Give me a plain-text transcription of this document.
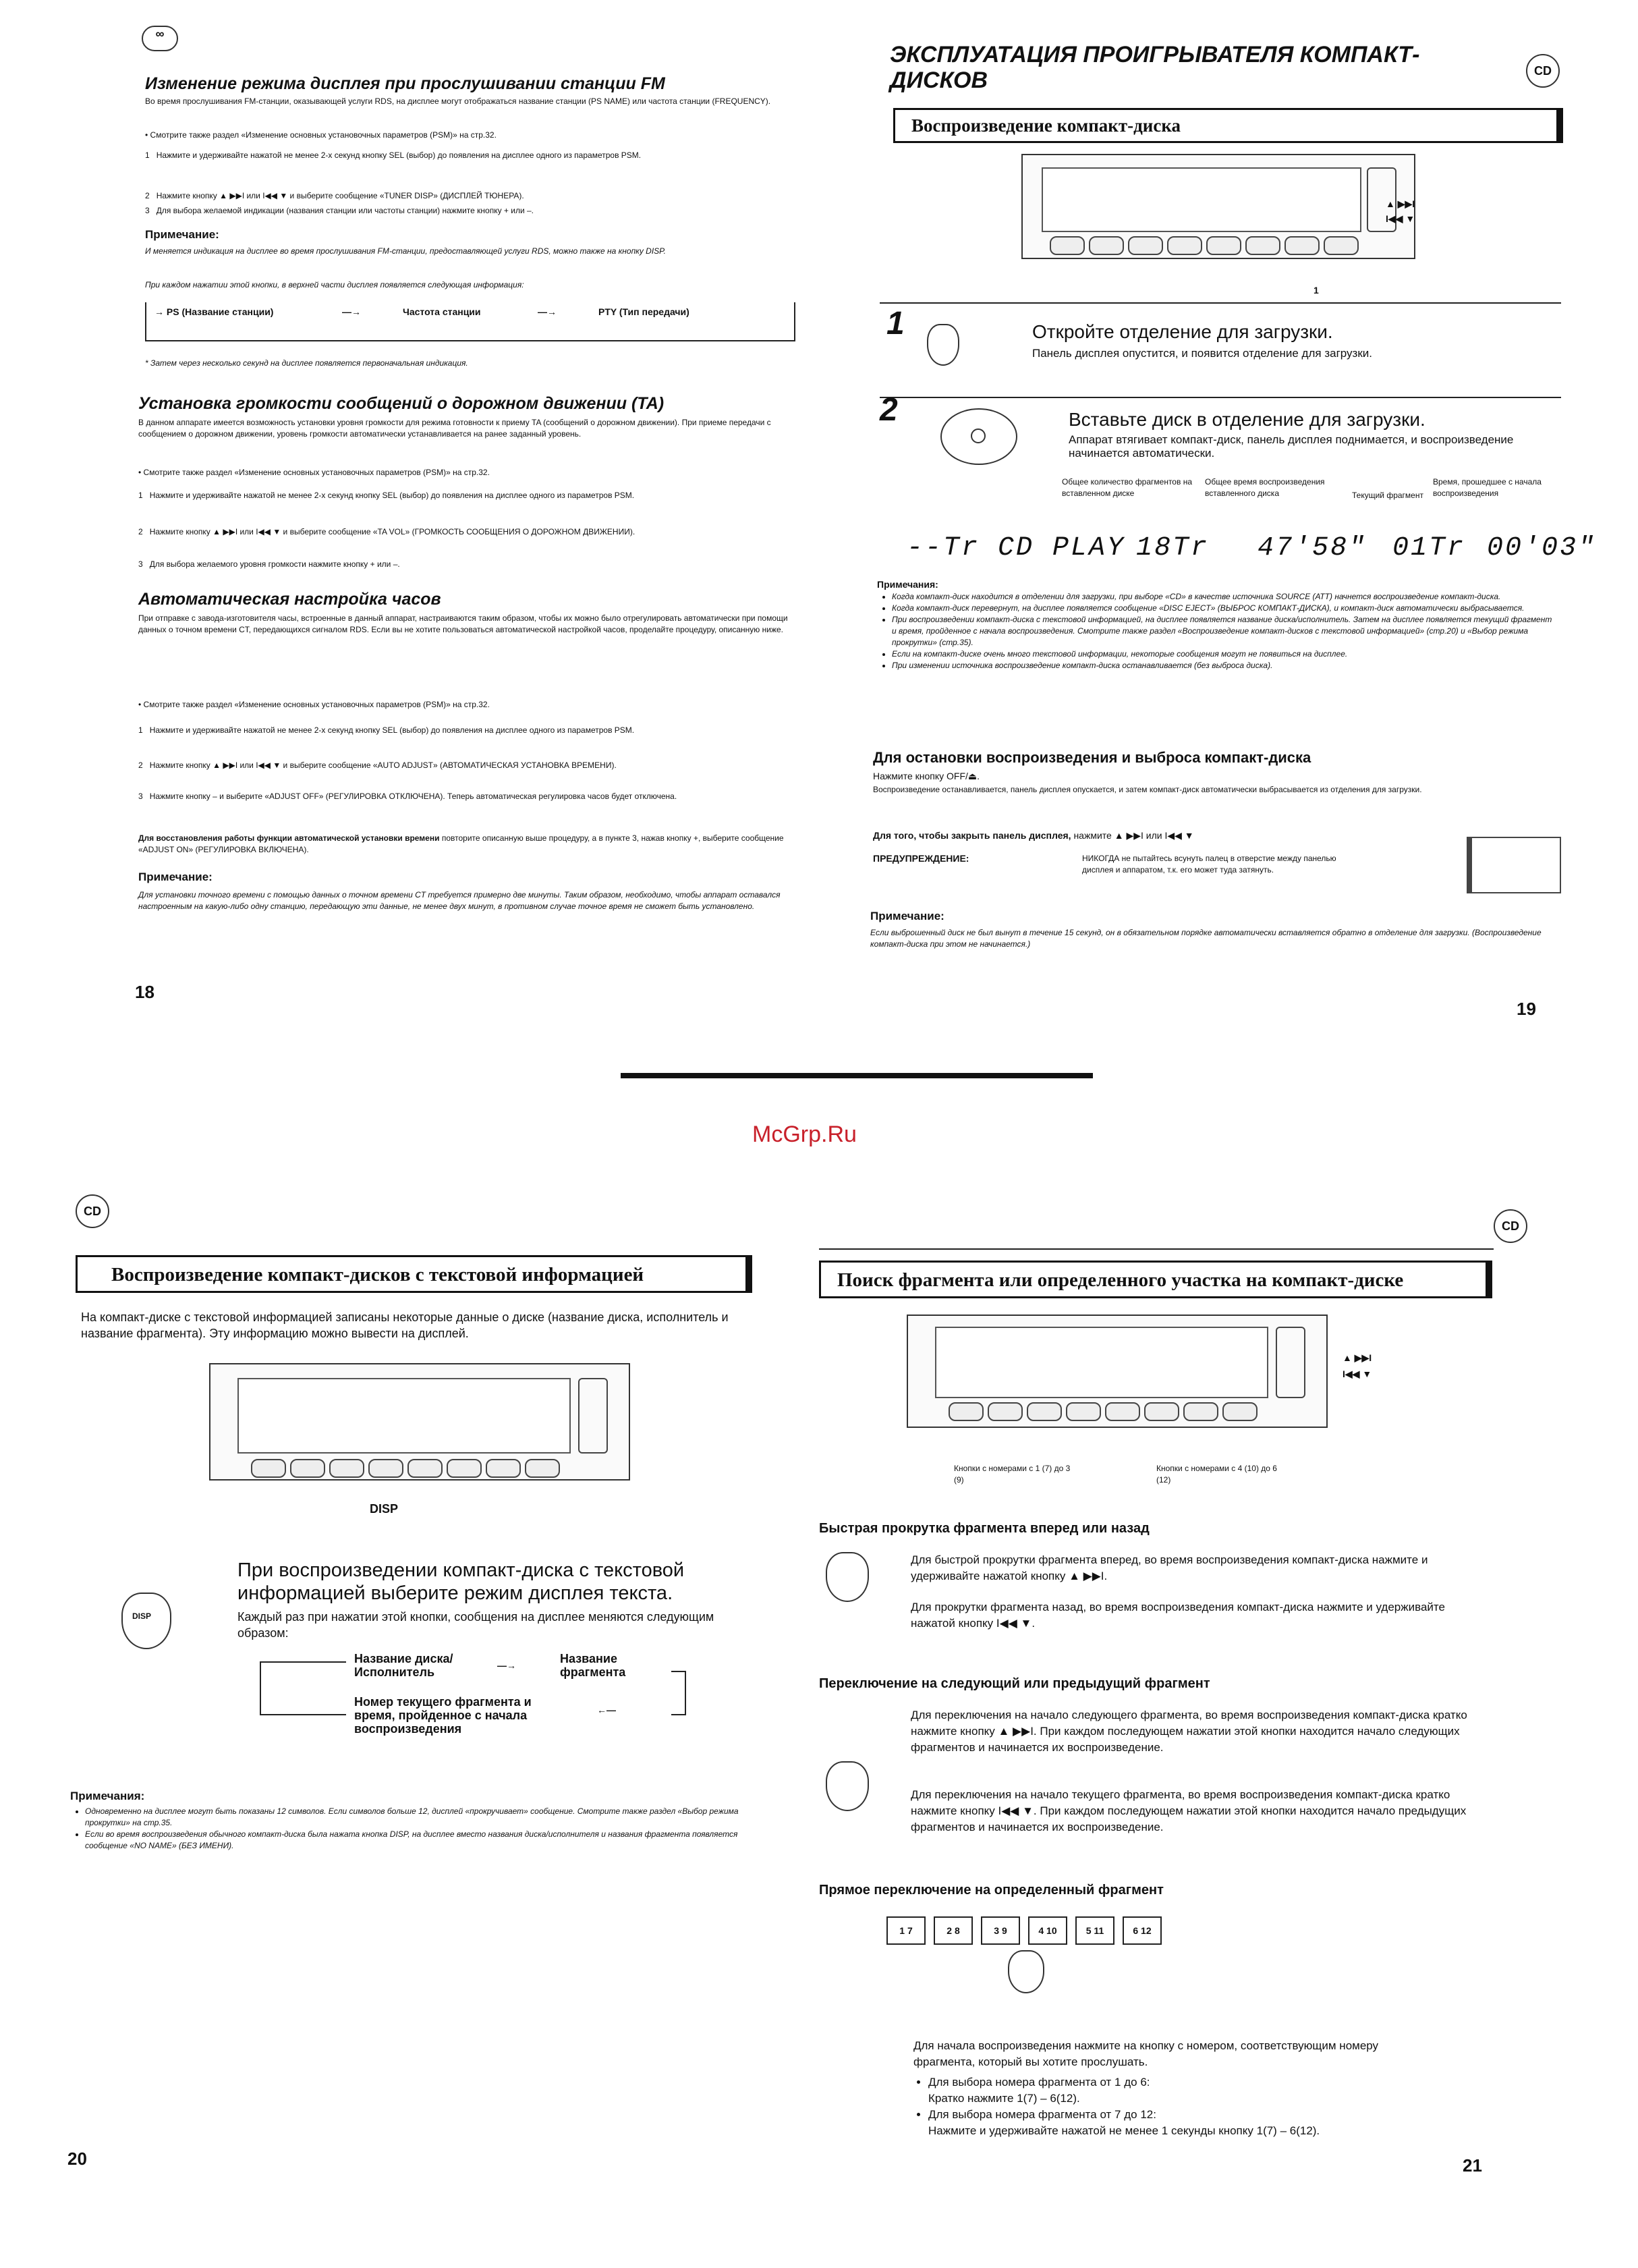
∞
Изменение режима дисплея при прослушивании станции FM
Во время прослушивания FM-станции, оказывающей услуги RDS, на дисплее могут отображаться название станции (PS NAME) или частота станции (FREQUENCY).
• Смотрите также раздел «Изменение основных установочных параметров (PSM)» на стр.32.
1   Нажмите и удерживайте нажатой не менее 2-х секунд кнопку SEL (выбор) до появления на дисплее одного из параметров PSM.
2   Нажмите кнопку ▲ ▶▶I или I◀◀ ▼ и выберите сообщение «TUNER DISP» (ДИСПЛЕЙ ТЮНЕРА).
3   Для выбора желаемой индикации (названия станции или частоты станции) нажмите кнопку + или –.
Примечание:
И меняется индикация на дисплее во время прослушивания FM-станции, предоставляющей услуги RDS, можно также на кнопку DISP.
При каждом нажатии этой кнопки, в верхней части дисплея появляется следующая информация:
→ PS (Название станции)	—→	Частота станции	—→	PTY (Тип передачи)
* Затем через несколько секунд на дисплее появляется первоначальная индикация.
Установка громкости сообщений о дорожном движении (TA)
В данном аппарате имеется возможность установки уровня громкости для режима готовности к приему TA (сообщений о дорожном движении). При приеме передачи с сообщением о дорожном движении, уровень громкости автоматически устанавливается на ранее заданный уровень.
• Смотрите также раздел «Изменение основных установочных параметров (PSM)» на стр.32.
1   Нажмите и удерживайте нажатой не менее 2-х секунд кнопку SEL (выбор) до появления на дисплее одного из параметров PSM.
2   Нажмите кнопку ▲ ▶▶I или I◀◀ ▼ и выберите сообщение «TA VOL» (ГРОМКОСТЬ СООБЩЕНИЯ О ДОРОЖНОМ ДВИЖЕНИИ).
3   Для выбора желаемого уровня громкости нажмите кнопку + или –.
Автоматическая настройка часов
При отправке с завода-изготовителя часы, встроенные в данный аппарат, настраиваются таким образом, чтобы их можно было отрегулировать автоматически при помощи данных о точном времени CT, передающихся сигналом RDS. Если вы не хотите пользоваться автоматической настройкой часов, проделайте процедуру, описанную ниже.
• Смотрите также раздел «Изменение основных установочных параметров (PSM)» на стр.32.
1   Нажмите и удерживайте нажатой не менее 2-х секунд кнопку SEL (выбор) до появления на дисплее одного из параметров PSM.
2   Нажмите кнопку ▲ ▶▶I или I◀◀ ▼ и выберите сообщение «AUTO ADJUST» (АВТОМАТИЧЕСКАЯ УСТАНОВКА ВРЕМЕНИ).
3   Нажмите кнопку – и выберите «ADJUST OFF» (РЕГУЛИРОВКА ОТКЛЮЧЕНА). Теперь автоматическая регулировка часов будет отключена.
Для восстановления работы функции автоматической установки времени повторите описанную выше процедуру, а в пункте 3, нажав кнопку +, выберите сообщение «ADJUST ON» (РЕГУЛИРОВКА ВКЛЮЧЕНА).
Примечание:
Для установки точного времени с помощью данных о точном времени CT требуется примерно две минуты. Таким образом, необходимо, чтобы аппарат оставался настроенным на какую-либо одну станцию, передающую эти данные, не менее двух минут, в противном случае точное время не сможет быть установлено.
18
ЭКСПЛУАТАЦИЯ ПРОИГРЫВАТЕЛЯ КОМПАКТ-ДИСКОВ	CD
Воспроизведение компакт-диска
▲ ▶▶I
I◀◀ ▼
1
1	Откройте отделение для загрузки.
Панель дисплея опустится, и появится отделение для загрузки.
2	Вставьте диск в отделение для загрузки.
Аппарат втягивает компакт-диск, панель дисплея поднимается, и воспроизведение начинается автоматически.
Общее количество фрагментов на вставленном диске
Общее время воспроизведения вставленного диска	Текущий фрагмент
Время, прошедшее с начала воспроизведения
--Tr CD PLAY 18Tr 47'58" 01Tr 00'03"
Примечания:
• Когда компакт-диск находится в отделении для загрузки, при выборе «CD» в качестве источника SOURCE (АТТ) начнется воспроизведение компакт-диска.
• Когда компакт-диск перевернут, на дисплее появляется сообщение «DISC EJECT» (ВЫБРОС КОМПАКТ-ДИСКА), и компакт-диск автоматически выбрасывается.
• При воспроизведении компакт-диска с текстовой информацией, на дисплее появляется название диска/исполнитель. Затем на дисплее появляется текущий фрагмент и время, пройденное с начала воспроизведения. Смотрите также раздел «Воспроизведение компакт-дисков с текстовой информацией» (стр.20) и «Выбор режима прокрутки» (стр.35).
• Если на компакт-диске очень много текстовой информации, некоторые сообщения могут не появиться на дисплее.
• При изменении источника воспроизведение компакт-диска останавливается (без выброса диска).
Для остановки воспроизведения и выброса компакт-диска
Нажмите кнопку OFF/⏏.
Воспроизведение останавливается, панель дисплея опускается, и затем компакт-диск автоматически выбрасывается из отделения для загрузки.
Для того, чтобы закрыть панель дисплея, нажмите ▲ ▶▶I или I◀◀ ▼
ПРЕДУПРЕЖДЕНИЕ:	НИКОГДА не пытайтесь всунуть палец в отверстие между панелью дисплея и аппаратом, т.к. его может туда затянуть.
Примечание:
Если выброшенный диск не был вынут в течение 15 секунд, он в обязательном порядке автоматически вставляется обратно в отделение для загрузки. (Воспроизведение компакт-диска при этом не начинается.)
19
McGrp.Ru
CD
Воспроизведение компакт-дисков с текстовой информацией
На компакт-диске с текстовой информацией записаны некоторые данные о диске (название диска, исполнитель и название фрагмента). Эту информацию можно вывести на дисплей.
DISP
DISP
При воспроизведении компакт-диска с текстовой информацией выберите режим дисплея текста.
Каждый раз при нажатии этой кнопки, сообщения на дисплее меняются следующим образом:
Название диска/ Исполнитель	—→	Название фрагмента
Номер текущего фрагмента и время, пройденное с начала воспроизведения
←—
Примечания:
• Одновременно на дисплее могут быть показаны 12 символов. Если символов больше 12, дисплей «прокручивает» сообщение. Смотрите также раздел «Выбор режима прокрутки» на стр.35.
• Если во время воспроизведения обычного компакт-диска была нажата кнопка DISP, на дисплее вместо названия диска/исполнителя и названия фрагмента появляется сообщение «NO NAME» (БЕЗ ИМЕНИ).
20
CD
Поиск фрагмента или определенного участка на компакт-диске
▲ ▶▶I
I◀◀ ▼
Кнопки с номерами с 1 (7) до 3 (9)
Кнопки с номерами с 4 (10) до 6 (12)
Быстрая прокрутка фрагмента вперед или назад
Для быстрой прокрутки фрагмента вперед, во время воспроизведения компакт-диска нажмите и удерживайте нажатой кнопку ▲ ▶▶I.
Для прокрутки фрагмента назад, во время воспроизведения компакт-диска нажмите и удерживайте нажатой кнопку I◀◀ ▼.
Переключение на следующий или предыдущий фрагмент
Для переключения на начало следующего фрагмента, во время воспроизведения компакт-диска кратко нажмите кнопку ▲ ▶▶I. При каждом последующем нажатии этой кнопки находится начало следующих фрагментов и начинается их воспроизведение.
Для переключения на начало текущего фрагмента, во время воспроизведения компакт-диска кратко нажмите кнопку I◀◀ ▼. При каждом последующем нажатии этой кнопки находится начало предыдущих фрагментов и начинается их воспроизведение.
Прямое переключение на определенный фрагмент
1 7	2 8	3 9	4 10	5 11	6 12
Для начала воспроизведения нажмите на кнопку с номером, соответствующим номеру фрагмента, который вы хотите прослушать.
• Для выбора номера фрагмента от 1 до 6:
Кратко нажмите 1(7) – 6(12).
• Для выбора номера фрагмента от 7 до 12:
Нажмите и удерживайте нажатой не менее 1 секунды кнопку 1(7) – 6(12).
21
